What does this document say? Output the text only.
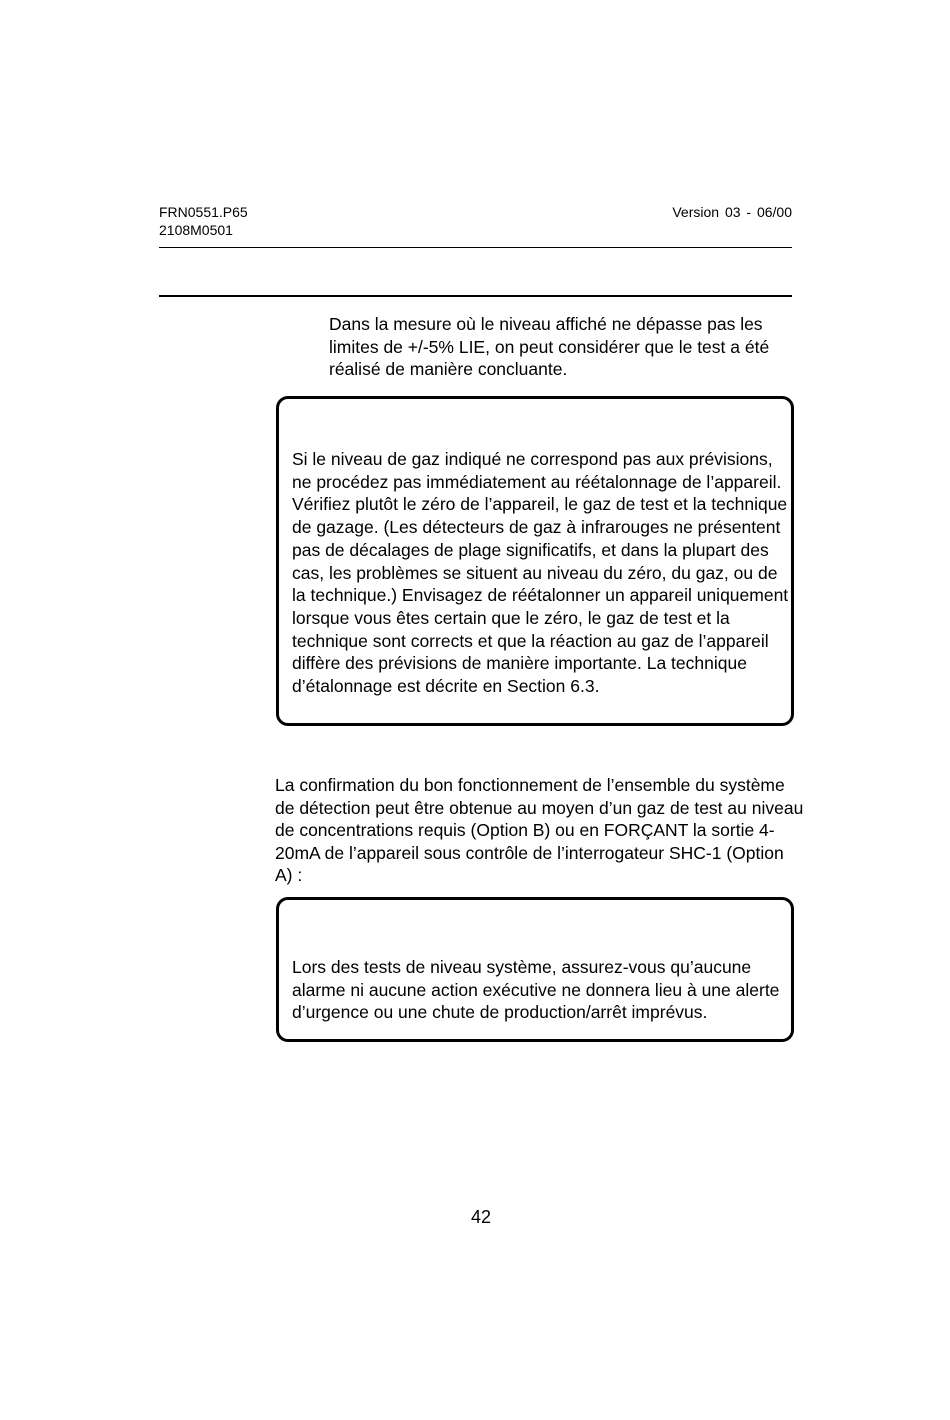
FRN0551.P65
2108M0501
Version 03 - 06/00

Dans la mesure où le niveau affiché ne dépasse pas les limites de +/-5% LIE, on peut considérer que le test a été réalisé de manière concluante.

Si le niveau de gaz indiqué ne correspond pas aux prévisions, ne procédez pas immédiatement au réétalonnage de l’appareil. Vérifiez plutôt le zéro de l’appareil, le gaz de test et la technique de gazage. (Les détecteurs de gaz à infrarouges ne présentent pas de décalages de plage significatifs, et dans la plupart des cas, les problèmes se situent au niveau du zéro, du gaz, ou de la technique.) Envisagez de réétalonner un appareil uniquement lorsque vous êtes certain que le zéro, le gaz de test et la technique sont corrects et que la réaction au gaz de l’appareil diffère des prévisions de manière importante. La technique d’étalonnage est décrite en Section 6.3.

La confirmation du bon fonctionnement de l’ensemble du système de détection peut être obtenue au moyen d’un gaz de test au niveau de concentrations requis (Option B) ou en FORÇANT la sortie 4-20mA de l’appareil sous contrôle de l’interrogateur SHC-1 (Option A) :

Lors des tests de niveau système, assurez-vous qu’aucune alarme ni aucune action exécutive ne donnera lieu à une alerte d’urgence ou une chute de production/arrêt imprévus.

42
